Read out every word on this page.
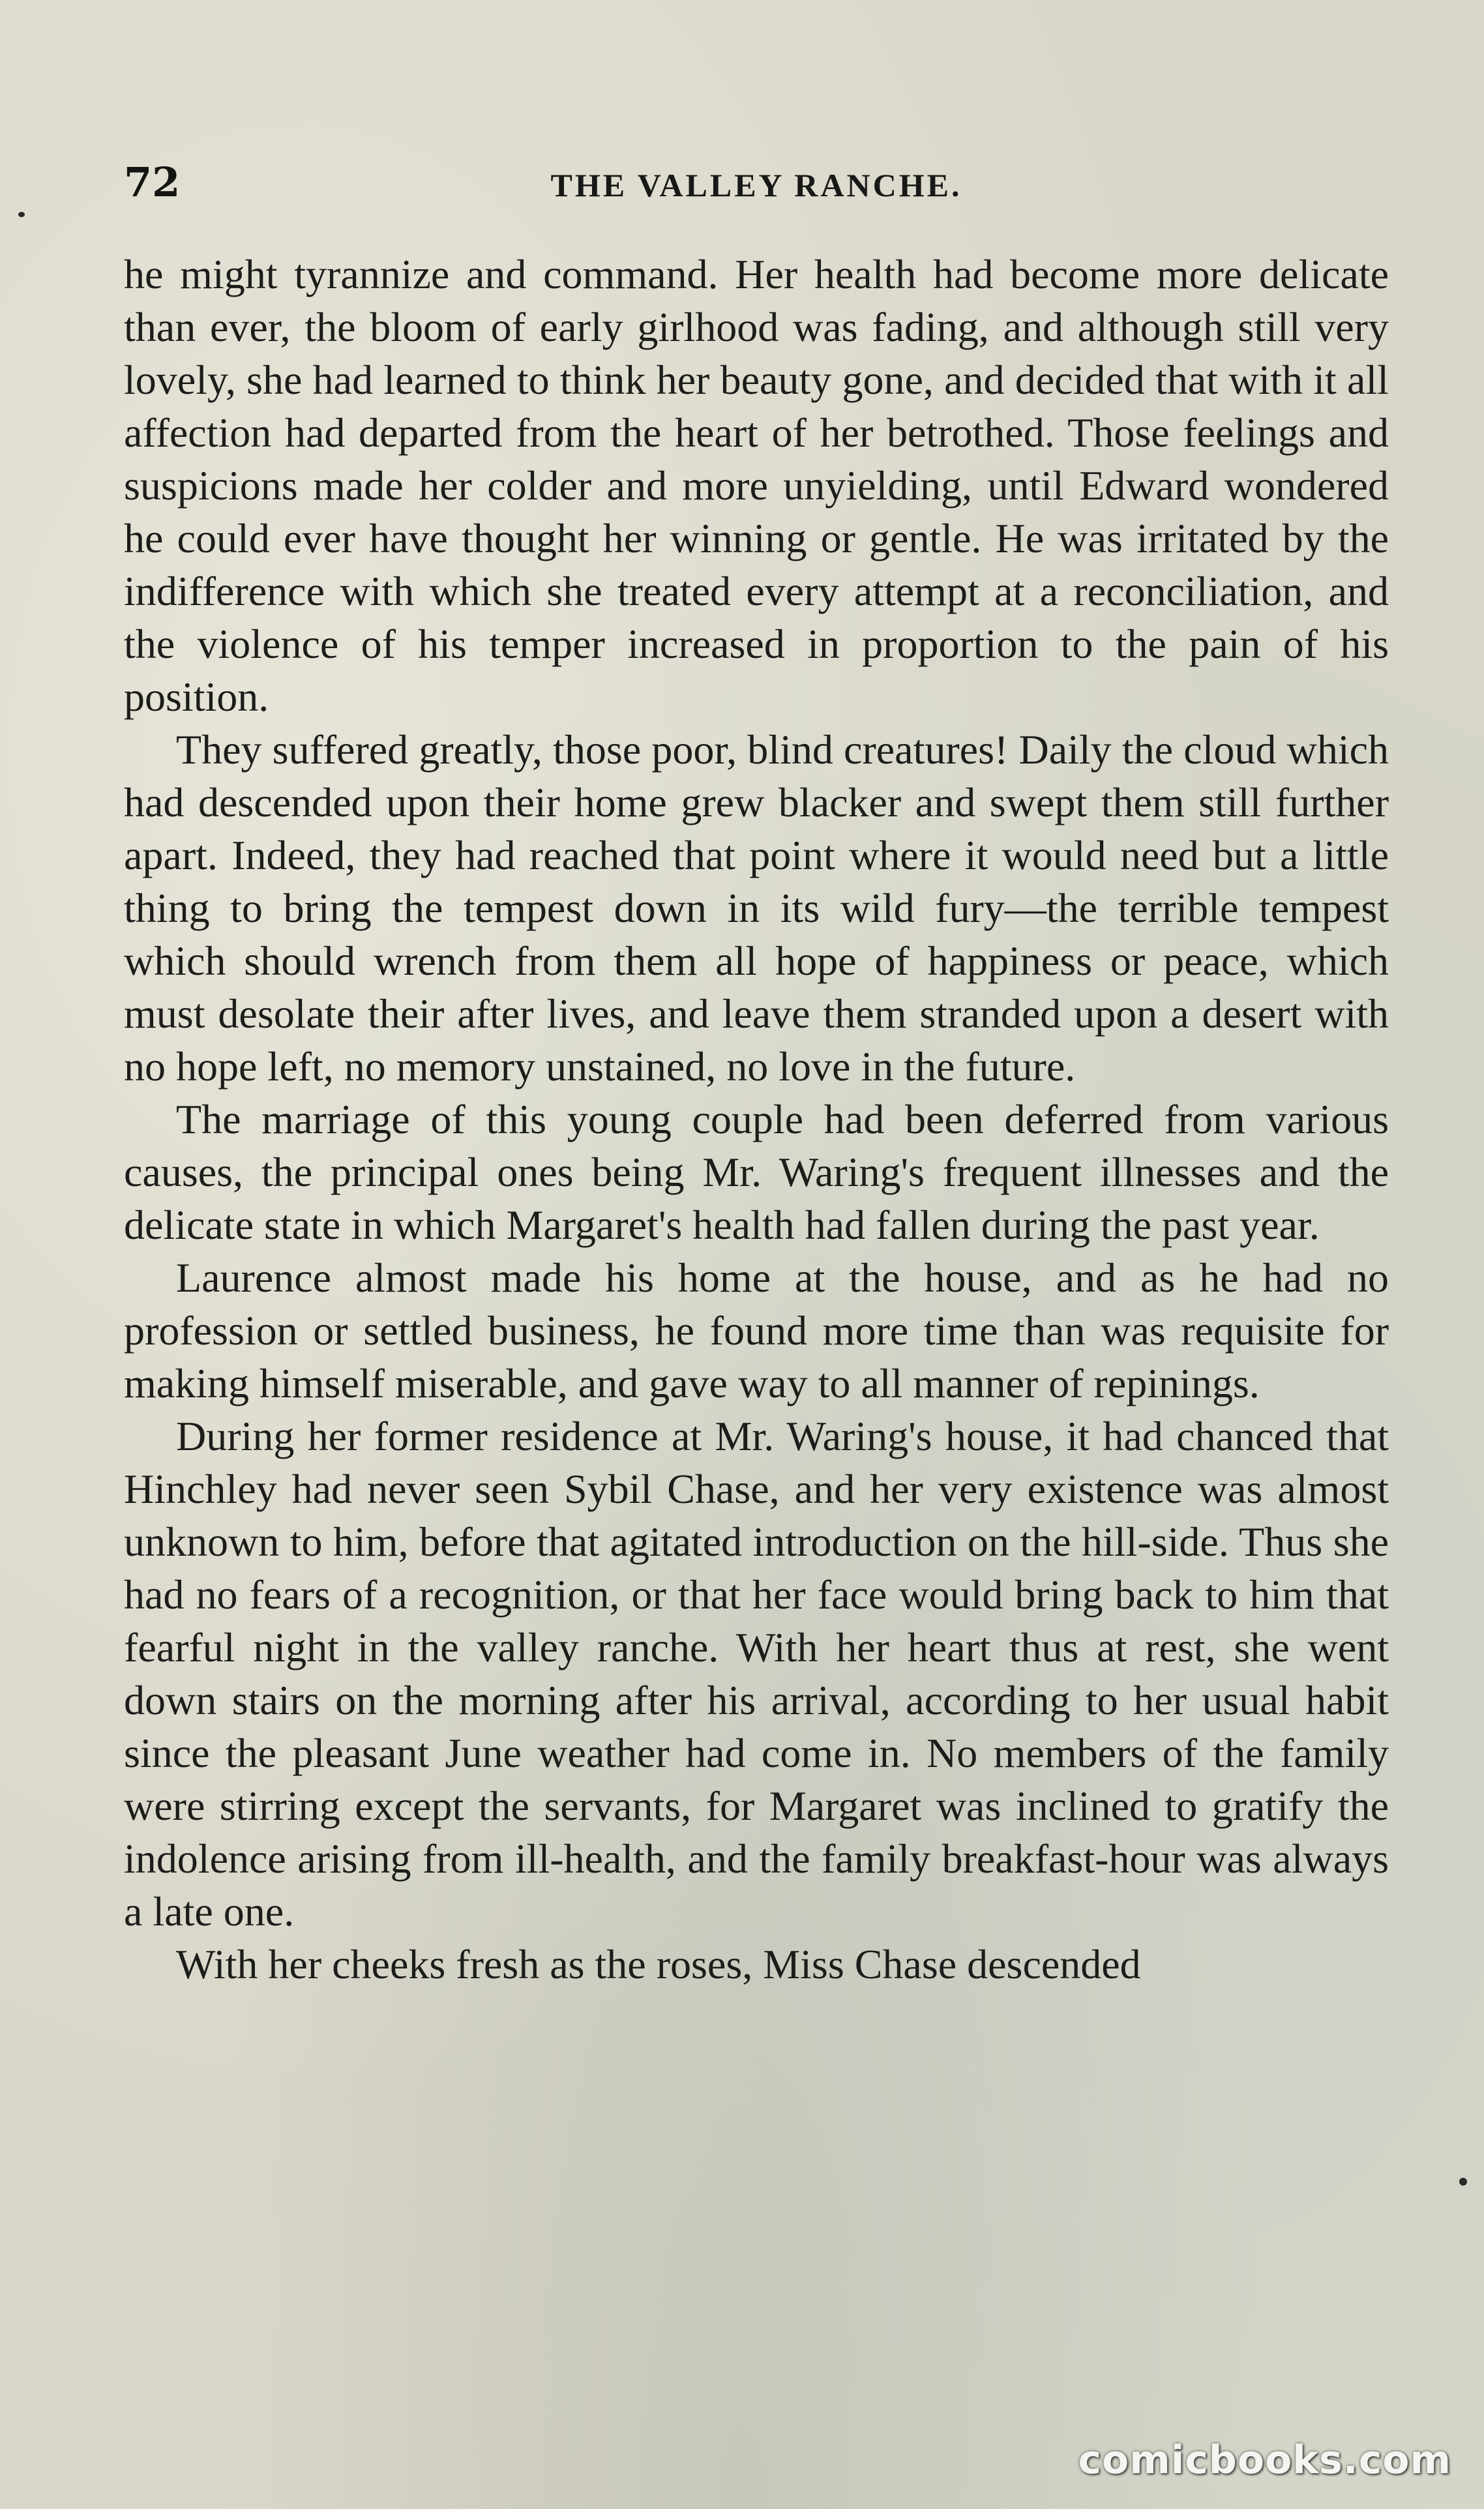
72	THE VALLEY RANCHE.

he might tyrannize and command. Her health had become more delicate than ever, the bloom of early girlhood was fading, and although still very lovely, she had learned to think her beauty gone, and decided that with it all affection had departed from the heart of her betrothed. Those feelings and suspicions made her colder and more unyielding, until Edward wondered he could ever have thought her winning or gentle. He was irritated by the indifference with which she treated every attempt at a reconciliation, and the violence of his temper increased in proportion to the pain of his position.

They suffered greatly, those poor, blind creatures! Daily the cloud which had descended upon their home grew blacker and swept them still further apart. Indeed, they had reached that point where it would need but a little thing to bring the tempest down in its wild fury—the terrible tempest which should wrench from them all hope of happiness or peace, which must desolate their after lives, and leave them stranded upon a desert with no hope left, no memory unstained, no love in the future.

The marriage of this young couple had been deferred from various causes, the principal ones being Mr. Waring's frequent illnesses and the delicate state in which Margaret's health had fallen during the past year.

Laurence almost made his home at the house, and as he had no profession or settled business, he found more time than was requisite for making himself miserable, and gave way to all manner of repinings.

During her former residence at Mr. Waring's house, it had chanced that Hinchley had never seen Sybil Chase, and her very existence was almost unknown to him, before that agitated introduction on the hill-side. Thus she had no fears of a recognition, or that her face would bring back to him that fearful night in the valley ranche. With her heart thus at rest, she went down stairs on the morning after his arrival, according to her usual habit since the pleasant June weather had come in. No members of the family were stirring except the servants, for Margaret was inclined to gratify the indolence arising from ill-health, and the family breakfast-hour was always a late one.

With her cheeks fresh as the roses, Miss Chase descended

comicbooks.com
